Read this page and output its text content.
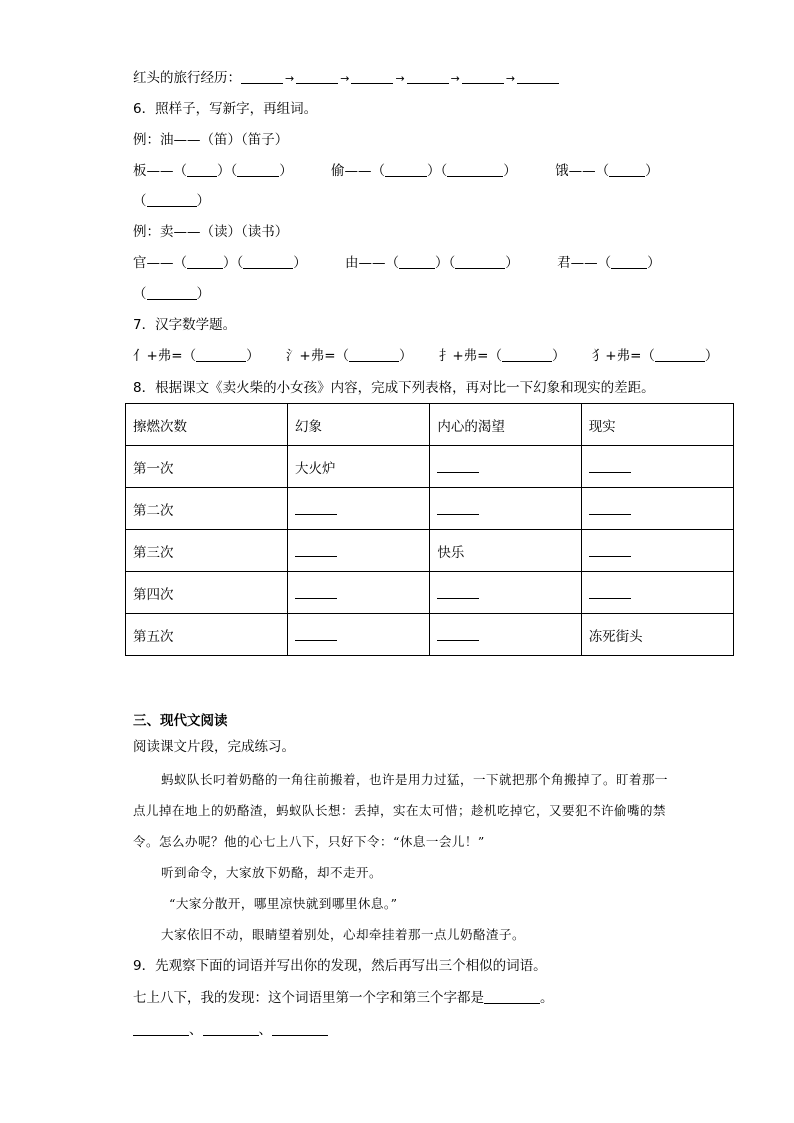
红头的旅行经历：	→	→	→	→	→
6．照样子，写新字，再组词。
例：油——（笛）（笛子）
板——（ ）（	）	偷——（	）（	）	饿——（	）
（	）
例：卖——（读）（读书）
官——（	）（	）	由——（	）（	）	君——（	）
（	）
7．汉字数学题。
亻+弗=（	） 氵+弗=（	） 扌+弗=（	） 犭+弗=（	）
8．根据课文《卖火柴的小女孩》内容，完成下列表格，再对比一下幻象和现实的差距。
擦燃次数	幻象	内心的渴望	现实
第一次	大火炉		
第二次			
第三次		快乐	
第四次			
第五次			冻死街头
三、现代文阅读
阅读课文片段，完成练习。

蚂蚁队长叼着奶酪的一角往前搬着，也许是用力过猛，一下就把那个角搬掉了。盯着那一点儿掉在地上的奶酪渣，蚂蚁队长想：丢掉，实在太可惜；趁机吃掉它，又要犯不许偷嘴的禁令。怎么办呢？他的心七上八下，只好下令：“休息一会儿！”

听到命令，大家放下奶酪，却不走开。

“大家分散开，哪里凉快就到哪里休息。”

大家依旧不动，眼睛望着别处，心却牵挂着那一点儿奶酪渣子。

9．先观察下面的词语并写出你的发现，然后再写出三个相似的词语。
七上八下，我的发现：这个词语里第一个字和第三个字都是	。
、	、
